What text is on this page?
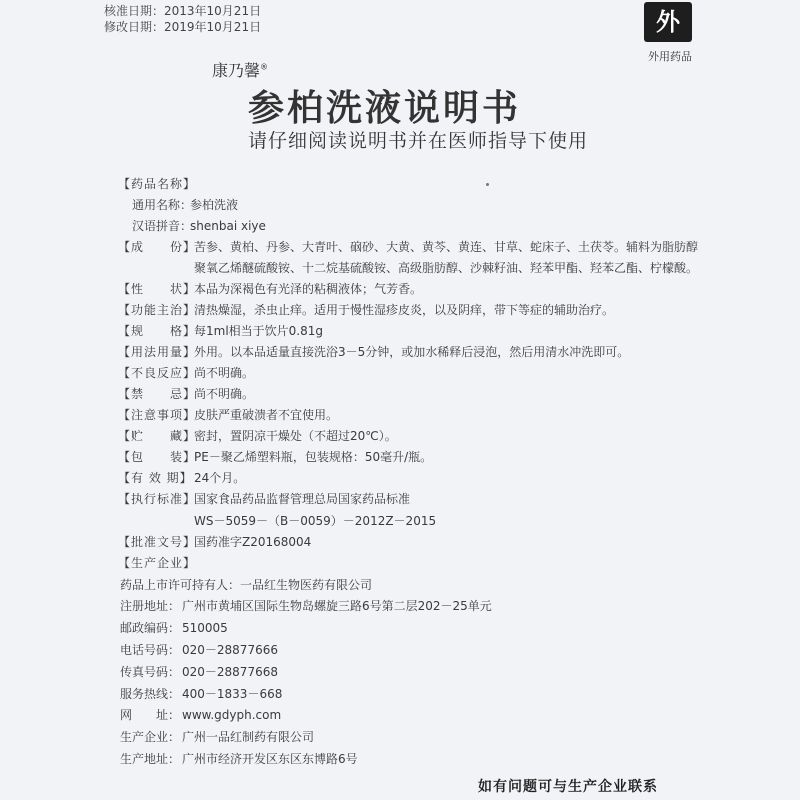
核准日期：2013年10月21日
修改日期：2019年10月21日	外
外用药品
康乃馨®
参柏洗液说明书
请仔细阅读说明书并在医师指导下使用
【药品名称】
通用名称：
参柏洗液
汉语拼音：
shenbai xiye
【成　　份】
苦参、黄柏、丹参、大青叶、硇砂、大黄、黄芩、黄连、甘草、蛇床子、土茯苓。辅料为脂肪醇
聚氧乙烯醚硫酸铵、十二烷基硫酸铵、高级脂肪醇、沙棘籽油、羟苯甲酯、羟苯乙酯、柠檬酸。
【性　　状】
本品为深褐色有光泽的粘稠液体；气芳香。
【功能主治】
清热燥湿，杀虫止痒。适用于慢性湿疹皮炎，以及阴痒，带下等症的辅助治疗。
【规　　格】
每1ml相当于饮片0.81g
【用法用量】
外用。以本品适量直接洗浴3－5分钟，或加水稀释后浸泡，然后用清水冲洗即可。
【不良反应】
尚不明确。
【禁　　忌】
尚不明确。
【注意事项】
皮肤严重破溃者不宜使用。
【贮　　藏】
密封，置阴凉干燥处（不超过20℃）。
【包　　装】
PE－聚乙烯塑料瓶，包装规格：50毫升/瓶。
【有 效 期】 24个月。
【执行标准】
国家食品药品监督管理总局国家药品标准
WS－5059－（B－0059）－2012Z－2015
【批准文号】
国药准字Z20168004
【生产企业】
药品上市许可持有人：一品红生物医药有限公司
注册地址： 广州市黄埔区国际生物岛螺旋三路6号第二层202－25单元
邮政编码： 510005
电话号码： 020－28877666
传真号码： 020－28877668
服务热线： 400－1833－668
网　　址： www.gdyph.com
生产企业： 广州一品红制药有限公司
生产地址： 广州市经济开发区东区东博路6号
如有问题可与生产企业联系
